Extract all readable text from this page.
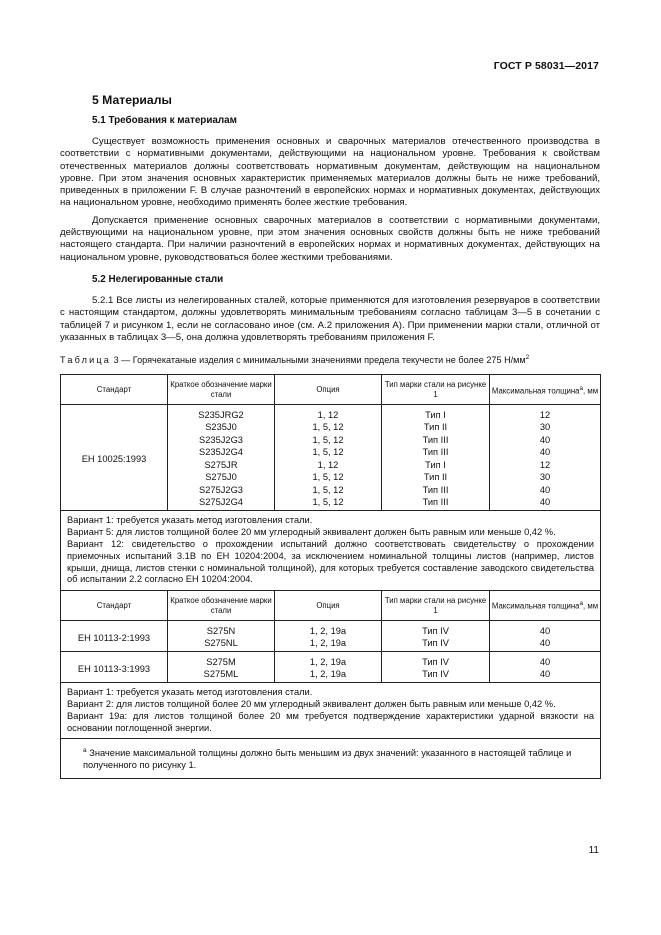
ГОСТ Р 58031—2017
5 Материалы
5.1 Требования к материалам

Существует возможность применения основных и сварочных материалов отечественного производства в соответствии с нормативными документами, действующими на национальном уровне. Требования к свойствам отечественных материалов должны соответствовать нормативным документам, действующим на национальном уровне. При этом значения основных характеристик применяемых материалов должны быть не ниже требований, приведенных в приложении F. В случае разночтений в европейских нормах и нормативных документах, действующих на национальном уровне, необходимо применять более жесткие требования.

Допускается применение основных сварочных материалов в соответствии с нормативными документами, действующими на национальном уровне, при этом значения основных свойств должны быть не ниже требований настоящего стандарта. При наличии разночтений в европейских нормах и нормативных документах, действующих на национальном уровне, руководствоваться более жесткими требованиями.

5.2 Нелегированные стали

5.2.1 Все листы из нелегированных сталей, которые применяются для изготовления резервуаров в соответствии с настоящим стандартом, должны удовлетворять минимальным требованиям согласно таблицам 3—5 в сочетании с таблицей 7 и рисунком 1, если не согласовано иное (см. А.2 приложения А). При применении марки стали, отличной от указанных в таблицах 3—5, она должна удовлетворять требованиям приложения F.

Таблица 3 — Горячекатаные изделия с минимальными значениями предела текучести не более 275 $Н/мм^2$
Стандарт	Краткое обозначение марки стали	Опция	Тип марки стали на рисунке 1	Максимальная толщина$^а$, мм
ЕН 10025:1993	S235JRG2	1, 12	Тип I	12
	S235J0	1, 5, 12	Тип II	30
	S235J2G3	1, 5, 12	Тип III	40
	S235J2G4	1, 5, 12	Тип III	40
	S275JR	1, 12	Тип I	12
	S275J0	1, 5, 12	Тип II	30
	S275J2G3	1, 5, 12	Тип III	40
	S275J2G4	1, 5, 12	Тип III	40

Вариант 1: требуется указать метод изготовления стали.
Вариант 5: для листов толщиной более 20 мм углеродный эквивалент должен быть равным или меньше 0,42 %.
Вариант 12: свидетельство о прохождении испытаний должно соответствовать свидетельству о прохождении приемочных испытаний 3.1В по EH 10204:2004, за исключением номинальной толщины листов (например, листов крыши, днища, листов стенки с номинальной толщиной), для которых требуется составление заводского свидетельства об испытании 2.2 согласно EH 10204:2004.				

Стандарт	Краткое обозначение марки стали	Опция	Тип марки стали на рисунке 1	Максимальная толщина$^а$, мм
ЕН 10113-2:1993	S275N	1, 2, 19a	Тип IV	40
	S275NL	1, 2, 19a	Тип IV	40
ЕН 10113-3:1993	S275M	1, 2, 19a	Тип IV	40
	S275ML	1, 2, 19a	Тип IV	40

Вариант 1: требуется указать метод изготовления стали.
Вариант 2: для листов толщиной более 20 мм углеродный эквивалент должен быть равным или меньше 0,42 %.
Вариант 19a: для листов толщиной более 20 мм требуется подтверждение характеристики ударной вязкости на основании поглощенной энергии.				

$^а$ Значение максимальной толщины должно быть меньшим из двух значений: указанного в настоящей таблице и полученного по рисунку 1.				
11
